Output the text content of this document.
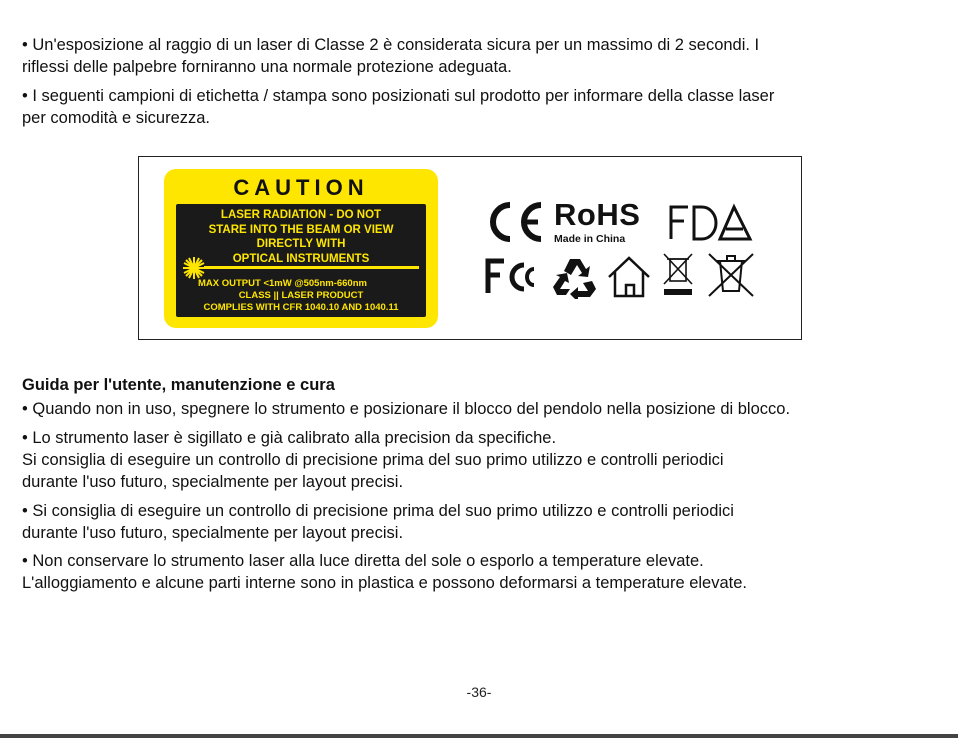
• Un'esposizione al raggio di un laser di Classe 2 è considerata sicura per un massimo di 2 secondi. I
riflessi delle palpebre forniranno una normale protezione adeguata.

• I seguenti campioni di etichetta / stampa sono posizionati sul prodotto per informare della classe laser
per comodità e sicurezza.

CAUTION
LASER RADIATION - DO NOT
STARE INTO THE BEAM OR VIEW
DIRECTLY WITH
OPTICAL INSTRUMENTS
MAX OUTPUT <1mW @505nm-660nm
CLASS || LASER PRODUCT
COMPLIES WITH CFR 1040.10 AND 1040.11
RoHS
Made in China

Guida per l'utente, manutenzione e cura

• Quando non in uso, spegnere lo strumento e posizionare il blocco del pendolo nella posizione di blocco.

• Lo strumento laser è sigillato e già calibrato alla precision da specifiche.
Si consiglia di eseguire un controllo di precisione prima del suo primo utilizzo e controlli periodici
durante l'uso futuro, specialmente per layout precisi.

• Si consiglia di eseguire un controllo di precisione prima del suo primo utilizzo e controlli periodici
durante l'uso futuro, specialmente per layout precisi.

• Non conservare lo strumento laser alla luce diretta del sole o esporlo a temperature elevate.
L'alloggiamento e alcune parti interne sono in plastica e possono deformarsi a temperature elevate.

-36-
